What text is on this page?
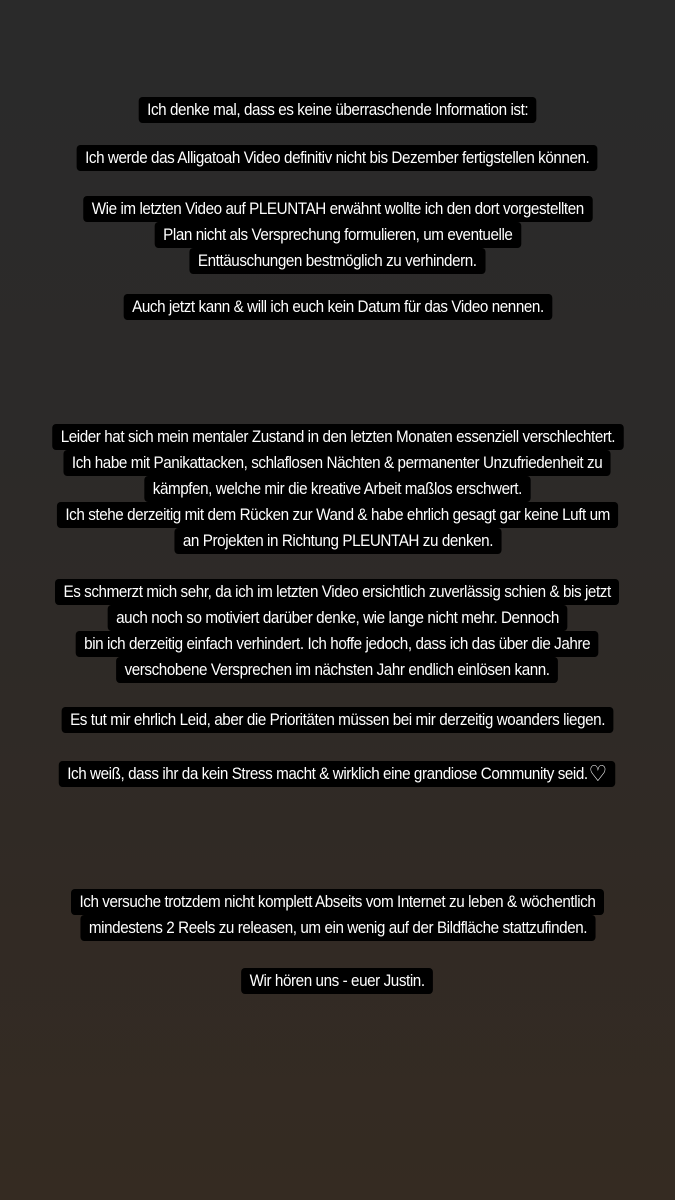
Ich denke mal, dass es keine überraschende Information ist:
Ich werde das Alligatoah Video definitiv nicht bis Dezember fertigstellen können.
Wie im letzten Video auf PLEUNTAH erwähnt wollte ich den dort vorgestellten
Plan nicht als Versprechung formulieren, um eventuelle
Enttäuschungen bestmöglich zu verhindern.
Auch jetzt kann & will ich euch kein Datum für das Video nennen.
Leider hat sich mein mentaler Zustand in den letzten Monaten essenziell verschlechtert.
Ich habe mit Panikattacken, schlaflosen Nächten & permanenter Unzufriedenheit zu
kämpfen, welche mir die kreative Arbeit maßlos erschwert.
Ich stehe derzeitig mit dem Rücken zur Wand & habe ehrlich gesagt gar keine Luft um
an Projekten in Richtung PLEUNTAH zu denken.
Es schmerzt mich sehr, da ich im letzten Video ersichtlich zuverlässig schien & bis jetzt
auch noch so motiviert darüber denke, wie lange nicht mehr. Dennoch
bin ich derzeitig einfach verhindert. Ich hoffe jedoch, dass ich das über die Jahre
verschobene Versprechen im nächsten Jahr endlich einlösen kann.
Es tut mir ehrlich Leid, aber die Prioritäten müssen bei mir derzeitig woanders liegen.
Ich weiß, dass ihr da kein Stress macht & wirklich eine grandiose Community seid.♡
Ich versuche trotzdem nicht komplett Abseits vom Internet zu leben & wöchentlich
mindestens 2 Reels zu releasen, um ein wenig auf der Bildfläche stattzufinden.
Wir hören uns - euer Justin.
